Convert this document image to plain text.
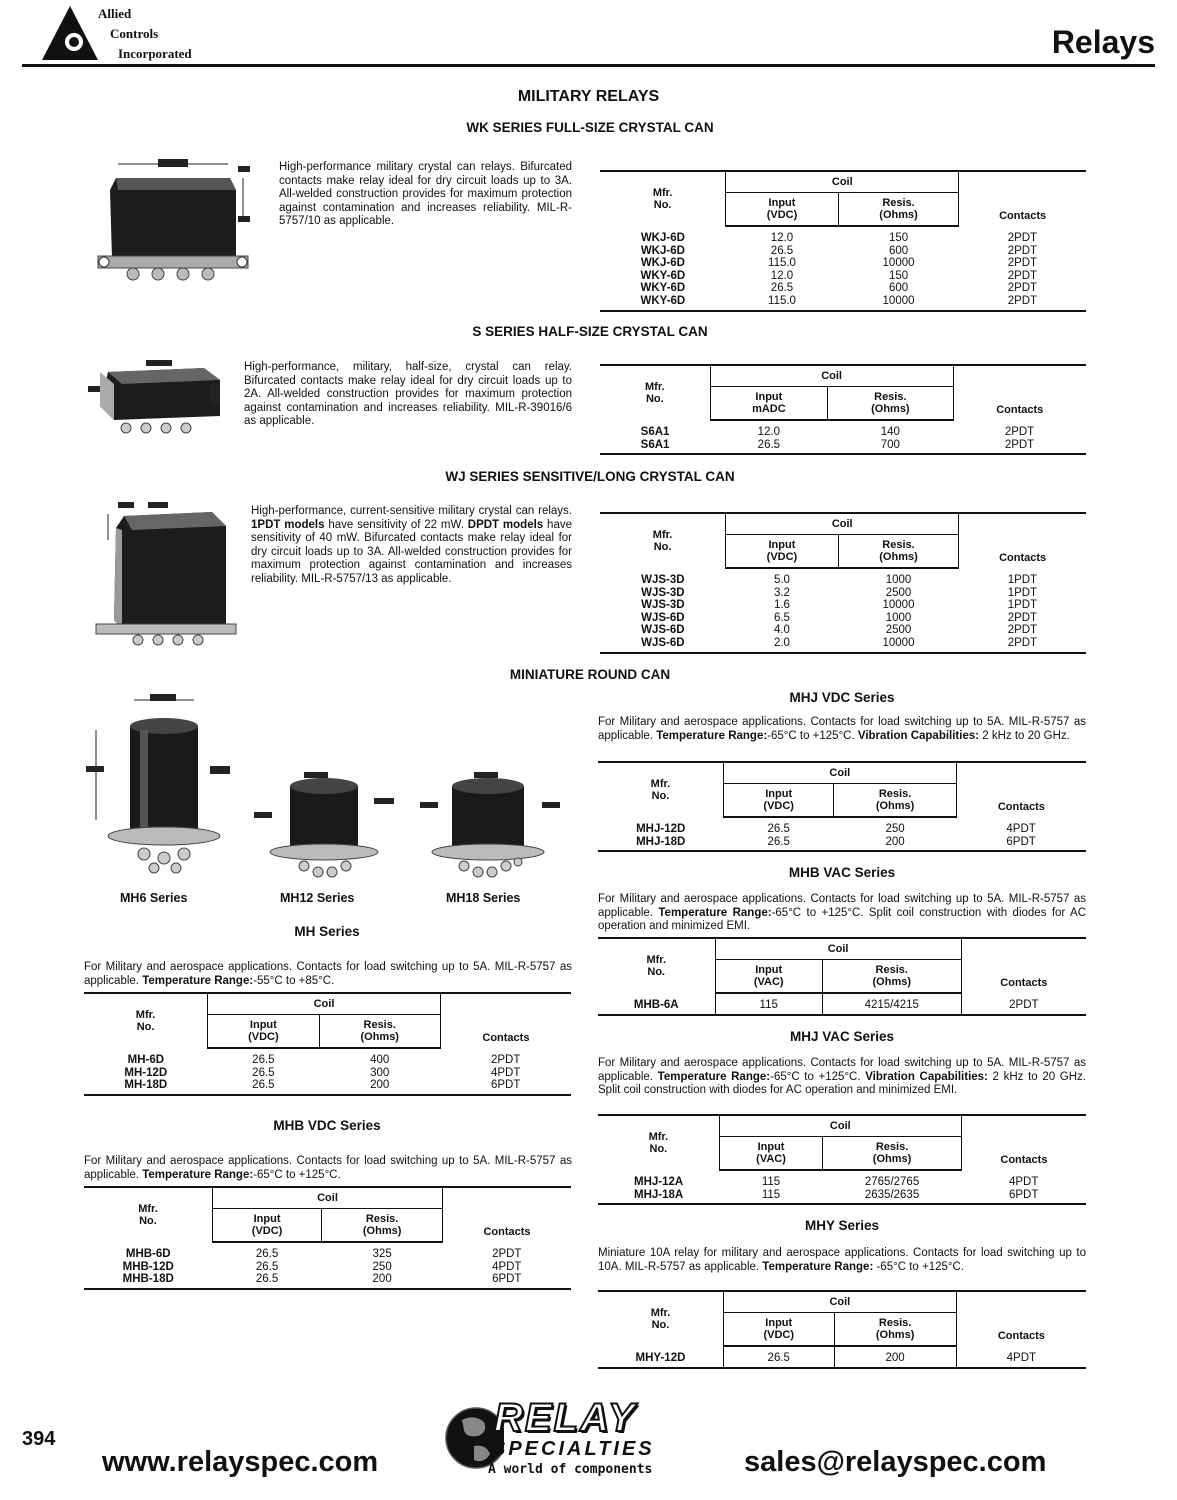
Allied
Controls
Incorporated	Relays
MILITARY RELAYS
WK SERIES FULL-SIZE CRYSTAL CAN
High-performance military crystal can relays. Bifurcated contacts make relay ideal for dry circuit loads up to 3A. All-welded construction provides for maximum protection against contamination and increases reliability. MIL-R-5757/10 as applicable.
Mfr.
No.	Coil		Contacts
	Input
(VDC)	Resis.
(Ohms)	
WKJ-6D	12.0	150	2PDT
WKJ-6D	26.5	600	2PDT
WKJ-6D	115.0	10000	2PDT
WKY-6D	12.0	150	2PDT
WKY-6D	26.5	600	2PDT
WKY-6D	115.0	10000	2PDT
S SERIES HALF-SIZE CRYSTAL CAN
High-performance, military, half-size, crystal can relay. Bifurcated contacts make relay ideal for dry circuit loads up to 2A. All-welded construction provides for maximum protection against contamination and increases reliability. MIL-R-39016/6 as applicable.
Mfr.
No.	Coil		Contacts
	Input
mADC	Resis.
(Ohms)	
S6A1	12.0	140	2PDT
S6A1	26.5	700	2PDT
WJ SERIES SENSITIVE/LONG CRYSTAL CAN
High-performance, current-sensitive military crystal can relays. 1PDT models have sensitivity of 22 mW. DPDT models have sensitivity of 40 mW. Bifurcated contacts make relay ideal for dry circuit loads up to 3A. All-welded construction provides for maximum protection against contamination and increases reliability. MIL-R-5757/13 as applicable.
Mfr.
No.	Coil		Contacts
	Input
(VDC)	Resis.
(Ohms)	
WJS-3D	5.0	1000	1PDT
WJS-3D	3.2	2500	1PDT
WJS-3D	1.6	10000	1PDT
WJS-6D	6.5	1000	2PDT
WJS-6D	4.0	2500	2PDT
WJS-6D	2.0	10000	2PDT
MINIATURE ROUND CAN
MH6 Series	MH12 Series	MH18 Series
MH Series
For Military and aerospace applications. Contacts for load switching up to 5A. MIL-R-5757 as applicable. Temperature Range:-55°C to +85°C.
Mfr.
No.	Coil		Contacts
	Input
(VDC)	Resis.
(Ohms)	
MH-6D	26.5	400	2PDT
MH-12D	26.5	300	4PDT
MH-18D	26.5	200	6PDT
MHB VDC Series
For Military and aerospace applications. Contacts for load switching up to 5A. MIL-R-5757 as applicable. Temperature Range:-65°C to +125°C.
Mfr.
No.	Coil		Contacts
	Input
(VDC)	Resis.
(Ohms)	
MHB-6D	26.5	325	2PDT
MHB-12D	26.5	250	4PDT
MHB-18D	26.5	200	6PDT
MHJ VDC Series
For Military and aerospace applications. Contacts for load switching up to 5A. MIL-R-5757 as applicable. Temperature Range:-65°C to +125°C. Vibration Capabilities: 2 kHz to 20 GHz.
Mfr.
No.	Coil		Contacts
	Input
(VDC)	Resis.
(Ohms)	
MHJ-12D	26.5	250	4PDT
MHJ-18D	26.5	200	6PDT
MHB VAC Series
For Military and aerospace applications. Contacts for load switching up to 5A. MIL-R-5757 as applicable. Temperature Range:-65°C to +125°C. Split coil construction with diodes for AC operation and minimized EMI.
Mfr.
No.	Coil		Contacts
	Input
(VAC)	Resis.
(Ohms)	
MHB-6A	115	4215/4215	2PDT
MHJ VAC Series
For Military and aerospace applications. Contacts for load switching up to 5A. MIL-R-5757 as applicable. Temperature Range:-65°C to +125°C. Vibration Capabilities: 2 kHz to 20 GHz. Split coil construction with diodes for AC operation and minimized EMI.
Mfr.
No.	Coil		Contacts
	Input
(VAC)	Resis.
(Ohms)	
MHJ-12A	115	2765/2765	4PDT
MHJ-18A	115	2635/2635	6PDT
MHY Series
Miniature 10A relay for military and aerospace applications. Contacts for load switching up to 10A. MIL-R-5757 as applicable. Temperature Range: -65°C to +125°C.
Mfr.
No.	Coil		Contacts
	Input
(VDC)	Resis.
(Ohms)	
MHY-12D	26.5	200	4PDT
394
www.relayspec.com	sales@relayspec.com
RELAY
SPECIALTIES
A world of components
